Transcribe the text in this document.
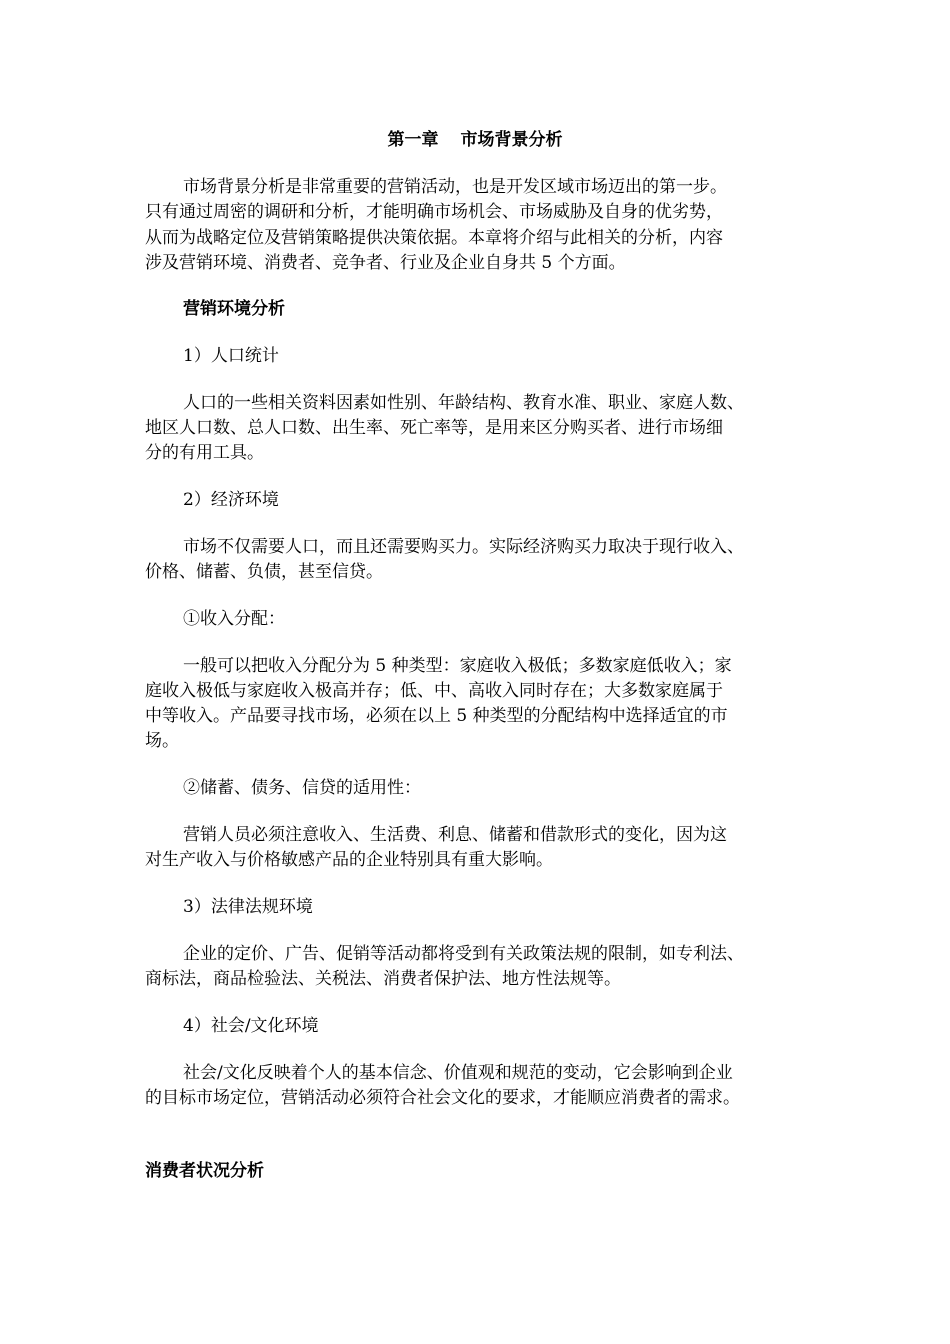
第一章 市场背景分析
市场背景分析是非常重要的营销活动，也是开发区域市场迈出的第一步。
只有通过周密的调研和分析，才能明确市场机会、市场威胁及自身的优劣势，
从而为战略定位及营销策略提供决策依据。本章将介绍与此相关的分析，内容
涉及营销环境、消费者、竞争者、行业及企业自身共 5 个方面。
营销环境分析
1）人口统计
人口的一些相关资料因素如性别、年龄结构、教育水准、职业、家庭人数、
地区人口数、总人口数、出生率、死亡率等，是用来区分购买者、进行市场细
分的有用工具。
2）经济环境
市场不仅需要人口，而且还需要购买力。实际经济购买力取决于现行收入、
价格、储蓄、负债，甚至信贷。
①收入分配：
一般可以把收入分配分为 5 种类型：家庭收入极低；多数家庭低收入；家
庭收入极低与家庭收入极高并存；低、中、高收入同时存在；大多数家庭属于
中等收入。产品要寻找市场，必须在以上 5 种类型的分配结构中选择适宜的市
场。
②储蓄、债务、信贷的适用性：
营销人员必须注意收入、生活费、利息、储蓄和借款形式的变化，因为这
对生产收入与价格敏感产品的企业特别具有重大影响。
3）法律法规环境
企业的定价、广告、促销等活动都将受到有关政策法规的限制，如专利法、
商标法，商品检验法、关税法、消费者保护法、地方性法规等。
4）社会/文化环境
社会/文化反映着个人的基本信念、价值观和规范的变动，它会影响到企业
的目标市场定位，营销活动必须符合社会文化的要求，才能顺应消费者的需求。
消费者状况分析
